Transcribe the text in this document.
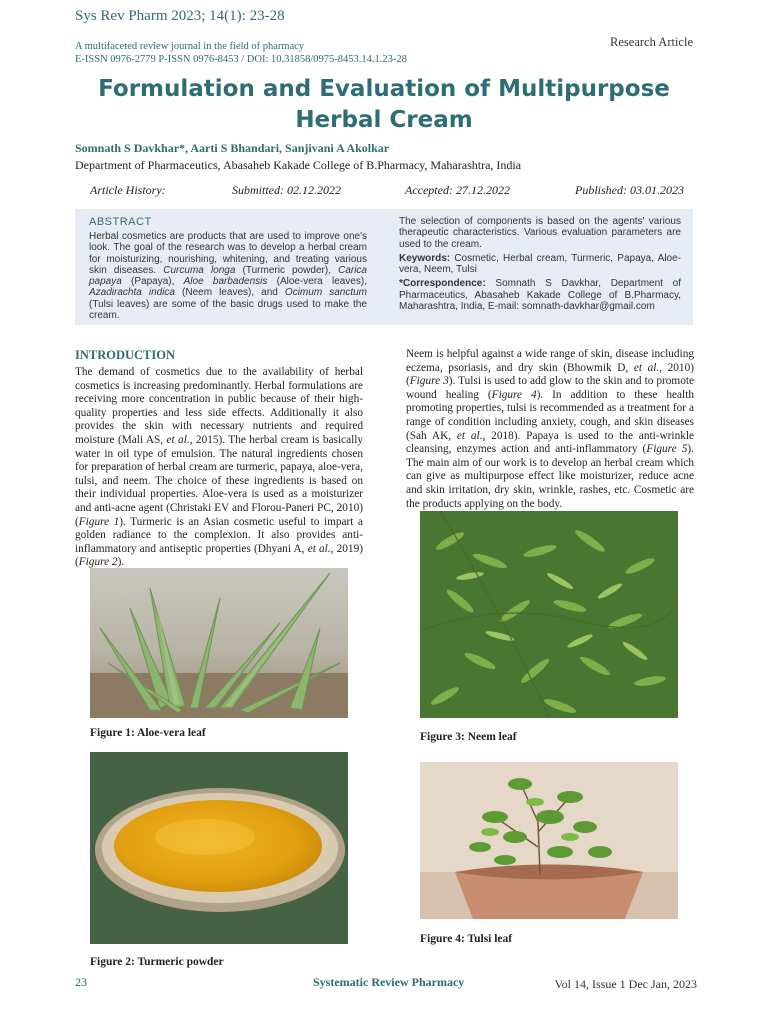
Sys Rev Pharm 2023; 14(1): 23-28
A multifaceted review journal in the field of pharmacy
E-ISSN 0976-2779 P-ISSN 0976-8453 / DOI: 10.31858/0975-8453.14.1.23-28
Research Article
Formulation and Evaluation of Multipurpose Herbal Cream
Somnath S Davkhar*, Aarti S Bhandari, Sanjivani A Akolkar
Department of Pharmaceutics, Abasaheb Kakade College of B.Pharmacy, Maharashtra, India
Article History:	Submitted: 02.12.2022	Accepted: 27.12.2022	Published: 03.01.2023
ABSTRACT
Herbal cosmetics are products that are used to improve one's look. The goal of the research was to develop a herbal cream for moisturizing, nourishing, whitening, and treating various skin diseases. Curcuma longa (Turmeric powder), Carica papaya (Papaya), Aloe barbadensis (Aloe-vera leaves), Azadirachta indica (Neem leaves), and Ocimum sanctum (Tulsi leaves) are some of the basic drugs used to make the cream.

The selection of components is based on the agents' various therapeutic characteristics. Various evaluation parameters are used to the cream.

Keywords: Cosmetic, Herbal cream, Turmeric, Papaya, Aloe-vera, Neem, Tulsi

*Correspondence: Somnath S Davkhar, Department of Pharmaceutics, Abasaheb Kakade College of B.Pharmacy, Maharashtra, India, E-mail: somnath-davkhar@gmail.com

INTRODUCTION
The demand of cosmetics due to the availability of herbal cosmetics is increasing predominantly. Herbal formulations are receiving more concentration in public because of their high-quality properties and less side effects. Additionally it also provides the skin with necessary nutrients and required moisture (Mali AS, et al., 2015). The herbal cream is basically water in oil type of emulsion. The natural ingredients chosen for preparation of herbal cream are turmeric, papaya, aloe-vera, tulsi, and neem. The choice of these ingredients is based on their individual properties. Aloe-vera is used as a moisturizer and anti-acne agent (Christaki EV and Florou-Paneri PC, 2010) (Figure 1). Turmeric is an Asian cosmetic useful to impart a golden radiance to the complexion. It also provides anti-inflammatory and antiseptic properties (Dhyani A, et al., 2019) (Figure 2).
Neem is helpful against a wide range of skin, disease including eczema, psoriasis, and dry skin (Bhowmik D, et al., 2010) (Figure 3). Tulsi is used to add glow to the skin and to promote wound healing (Figure 4). In addition to these health promoting properties, tulsi is recommended as a treatment for a range of condition including anxiety, cough, and skin diseases (Sah AK, et al., 2018). Papaya is used to the anti-wrinkle cleansing, enzymes action and anti-inflammatory (Figure 5). The main aim of our work is to develop an herbal cream which can give as multipurpose effect like moisturizer, reduce acne and skin irritation, dry skin, wrinkle, rashes, etc. Cosmetic are the products applying on the body.
Figure 1: Aloe-vera leaf
Figure 2: Turmeric powder
Figure 3: Neem leaf
Figure 4: Tulsi leaf
23	Systematic Review Pharmacy	Vol 14, Issue 1 Dec Jan, 2023
